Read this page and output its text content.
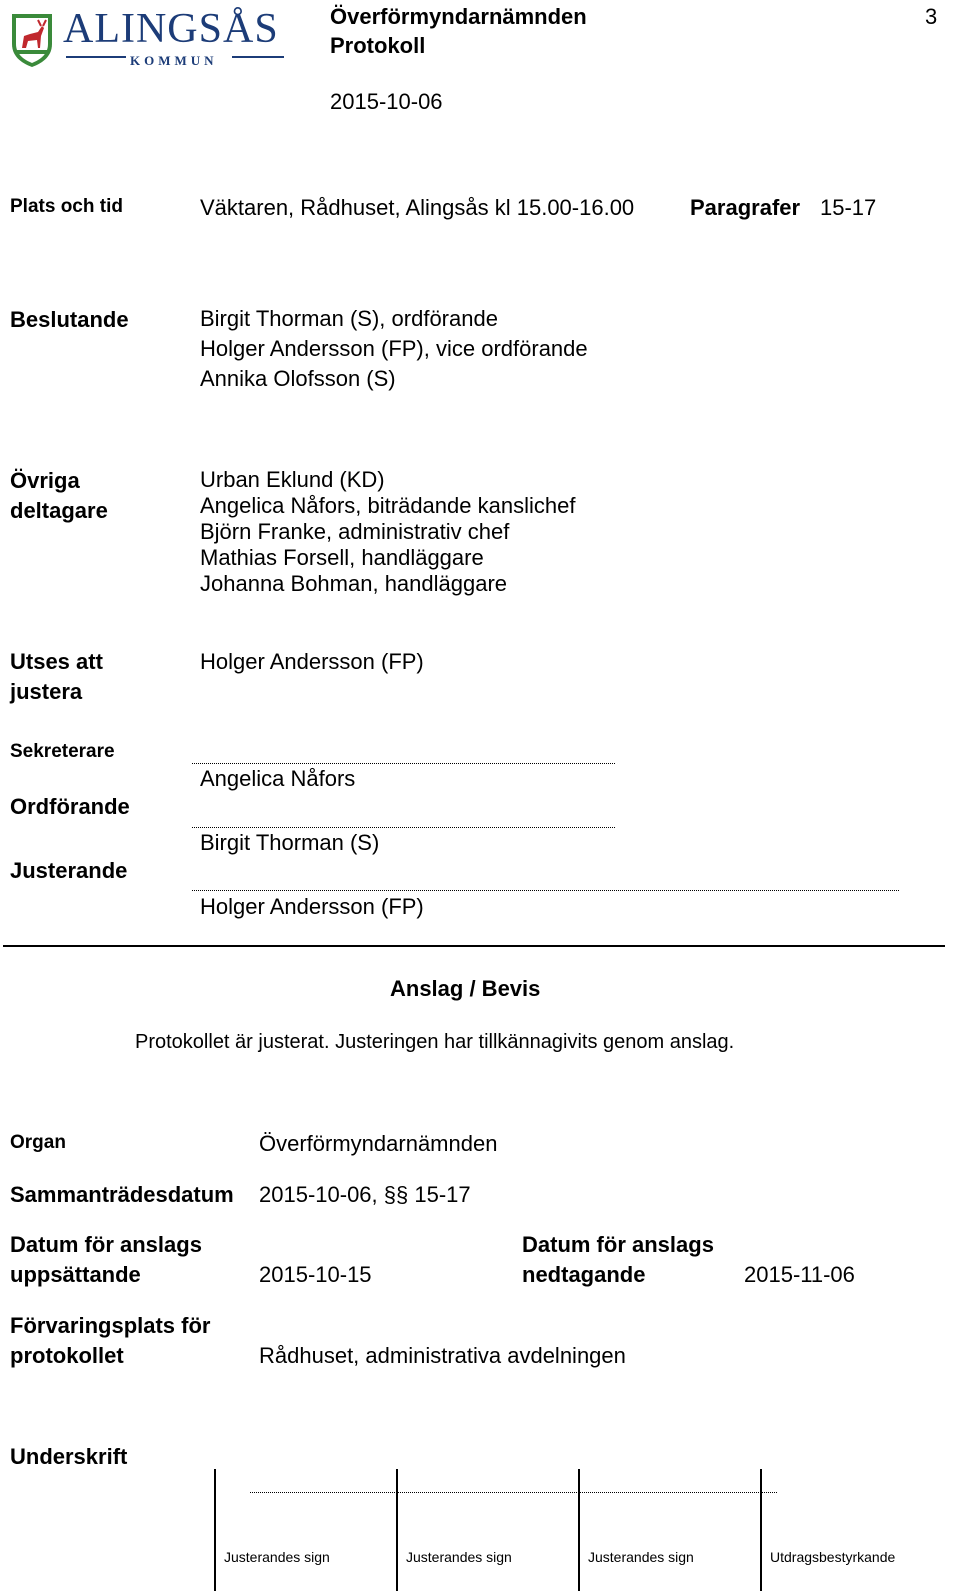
ALINGSÅS
KOMMUN
Överförmyndarnämnden
Protokoll
3
2015-10-06
Plats och tid	Väktaren, Rådhuset, Alingsås kl 15.00-16.00	Paragrafer 15-17
Beslutande	Birgit Thorman (S), ordförande
Holger Andersson (FP), vice ordförande
Annika Olofsson (S)
Övriga
deltagare
Urban Eklund (KD)
Angelica Nåfors, biträdande kanslichef
Björn Franke, administrativ chef
Mathias Forsell, handläggare
Johanna Bohman, handläggare
Utses att
justera
Holger Andersson (FP)
Sekreterare
Angelica Nåfors
Ordförande
Birgit Thorman (S)
Justerande
Holger Andersson (FP)
Anslag / Bevis
Protokollet är justerat. Justeringen har tillkännagivits genom anslag.
Organ	Överförmyndarnämnden
Sammanträdesdatum 2015-10-06, §§ 15-17
Datum för anslags
uppsättande	2015-10-15
Datum för anslags
nedtagande	2015-11-06
Förvaringsplats för
protokollet	Rådhuset, administrativa avdelningen
Underskrift
Justerandes sign	Justerandes sign	Justerandes sign	Utdragsbestyrkande
